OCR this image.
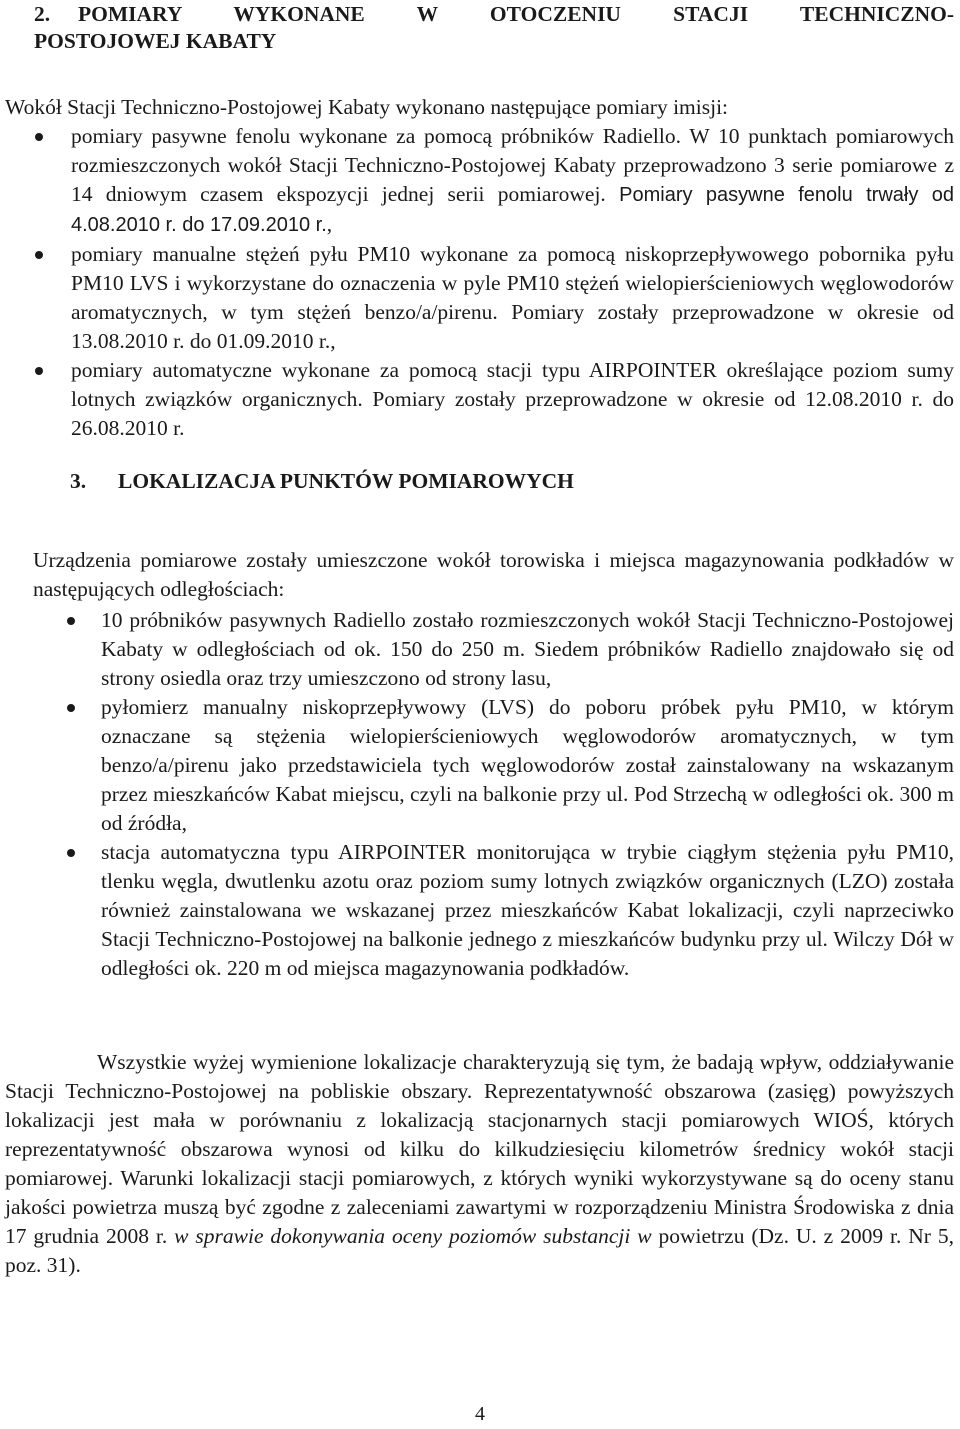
2. POMIARY WYKONANE W OTOCZENIU STACJI TECHNICZNO-
POSTOJOWEJ KABATY
Wokół Stacji Techniczno-Postojowej Kabaty wykonano następujące pomiary imisji:
pomiary pasywne fenolu wykonane za pomocą próbników Radiello. W 10 punktach pomiarowych rozmieszczonych wokół Stacji Techniczno-Postojowej Kabaty przeprowadzono 3 serie pomiarowe z 14 dniowym czasem ekspozycji jednej serii pomiarowej. Pomiary pasywne fenolu trwały od 4.08.2010 r. do 17.09.2010 r.,
pomiary manualne stężeń pyłu PM10 wykonane za pomocą niskoprzepływowego pobornika pyłu PM10 LVS i wykorzystane do oznaczenia w pyle PM10 stężeń wielopierścieniowych węglowodorów aromatycznych, w tym stężeń benzo/a/pirenu. Pomiary zostały przeprowadzone w okresie od 13.08.2010 r. do 01.09.2010 r.,
pomiary automatyczne wykonane za pomocą stacji typu AIRPOINTER określające poziom sumy lotnych związków organicznych. Pomiary zostały przeprowadzone w okresie od 12.08.2010 r. do 26.08.2010 r.
3. LOKALIZACJA PUNKTÓW POMIAROWYCH
Urządzenia pomiarowe zostały umieszczone wokół torowiska i miejsca magazynowania podkładów w następujących odległościach:
10 próbników pasywnych Radiello zostało rozmieszczonych wokół Stacji Techniczno-Postojowej Kabaty w odległościach od ok. 150 do 250 m. Siedem próbników Radiello znajdowało się od strony osiedla oraz trzy umieszczono od strony lasu,
pyłomierz manualny niskoprzepływowy (LVS) do poboru próbek pyłu PM10, w którym oznaczane są stężenia wielopierścieniowych węglowodorów aromatycznych, w tym benzo/a/pirenu jako przedstawiciela tych węglowodorów został zainstalowany na wskazanym przez mieszkańców Kabat miejscu, czyli na balkonie przy ul. Pod Strzechą w odległości ok. 300 m od źródła,
stacja automatyczna typu AIRPOINTER monitorująca w trybie ciągłym stężenia pyłu PM10, tlenku węgla, dwutlenku azotu oraz poziom sumy lotnych związków organicznych (LZO) została również zainstalowana we wskazanej przez mieszkańców Kabat lokalizacji, czyli naprzeciwko Stacji Techniczno-Postojowej na balkonie jednego z mieszkańców budynku przy ul. Wilczy Dół w odległości ok. 220 m od miejsca magazynowania podkładów.
Wszystkie wyżej wymienione lokalizacje charakteryzują się tym, że badają wpływ, oddziaływanie Stacji Techniczno-Postojowej na pobliskie obszary. Reprezentatywność obszarowa (zasięg) powyższych lokalizacji jest mała w porównaniu z lokalizacją stacjonarnych stacji pomiarowych WIOŚ, których reprezentatywność obszarowa wynosi od kilku do kilkudziesięciu kilometrów średnicy wokół stacji pomiarowej. Warunki lokalizacji stacji pomiarowych, z których wyniki wykorzystywane są do oceny stanu jakości powietrza muszą być zgodne z zaleceniami zawartymi w rozporządzeniu Ministra Środowiska z dnia 17 grudnia 2008 r. w sprawie dokonywania oceny poziomów substancji w powietrzu (Dz. U. z 2009 r. Nr 5, poz. 31).
4
